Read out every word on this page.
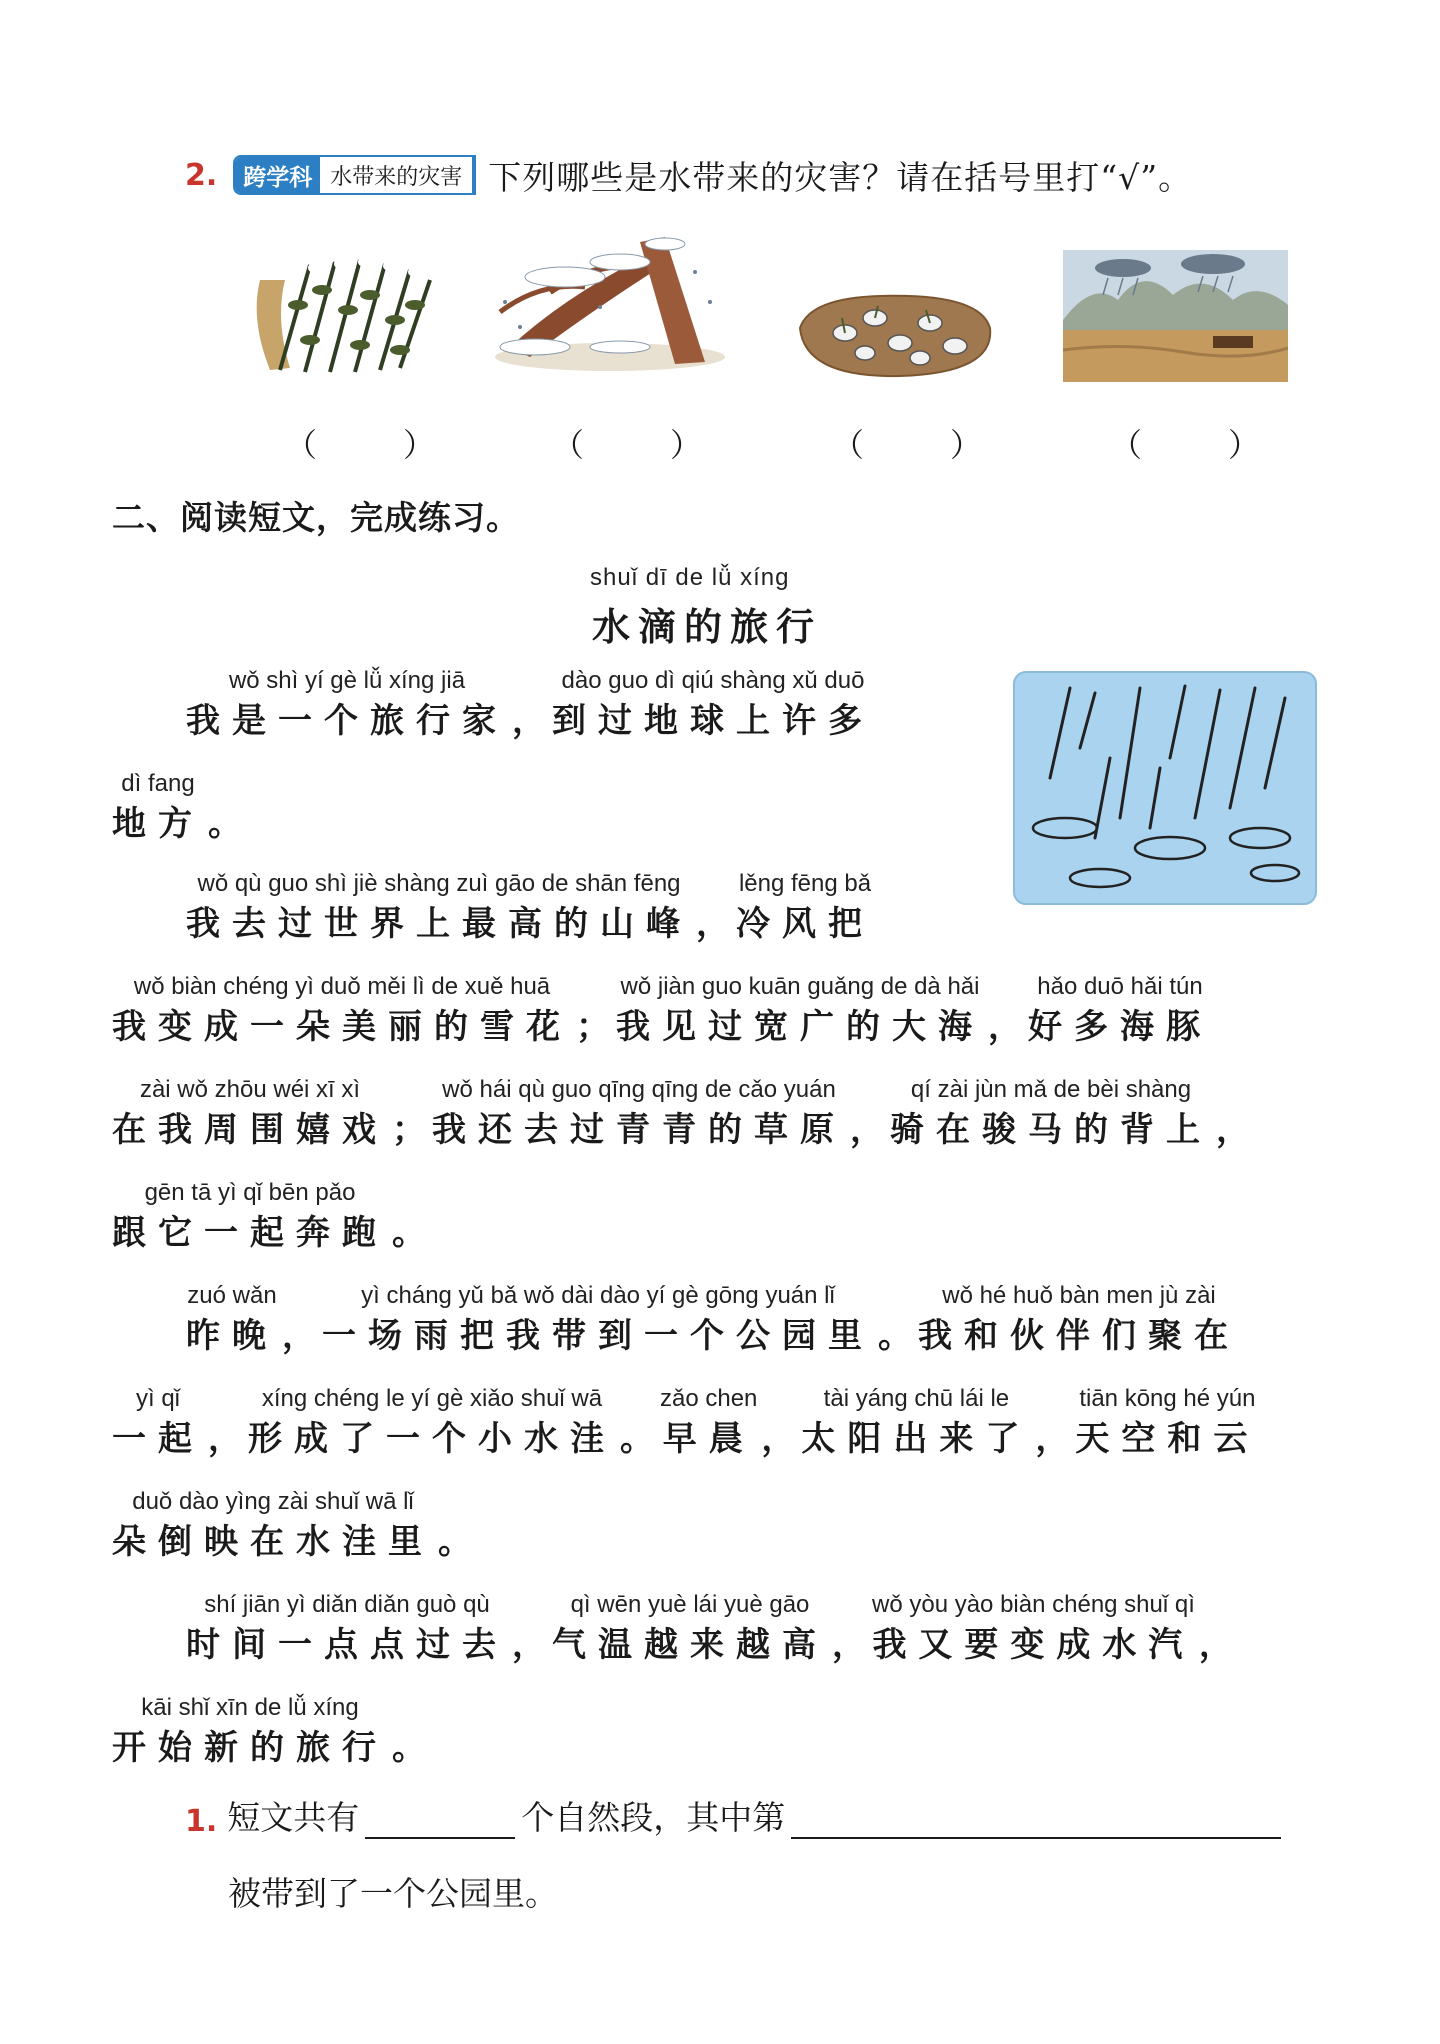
2.	跨学科 水带来的灾害 下列哪些是水带来的灾害？请在括号里打“√”。
（	）	（	）	（	）	（	）
二、阅读短文，完成练习。
shuǐ dī de lǚ xíng
水滴的旅行
wǒ shì yí gè lǚ xíng jiā
我是一个旅行家 ，
dào guo dì qiú shàng xǔ duō
到过地球上许多
dì fang
地方 。
wǒ qù guo shì jiè shàng zuì gāo de shān fēng
我去过世界上最高的山峰 ，
lěng fēng bǎ
冷风把
wǒ biàn chéng yì duǒ měi lì de xuě huā
我变成一朵美丽的雪花 ；
wǒ jiàn guo kuān guǎng de dà hǎi
我见过宽广的大海 ，
hǎo duō hǎi tún
好多海豚
zài wǒ zhōu wéi xī xì
在我周围嬉戏 ；
wǒ hái qù guo qīng qīng de cǎo yuán
我还去过青青的草原 ，
qí zài jùn mǎ de bèi shàng
骑在骏马的背上 ，
gēn tā yì qǐ bēn pǎo
跟它一起奔跑 。
zuó wǎn
昨晚 ，
yì cháng yǔ bǎ wǒ dài dào yí gè gōng yuán lǐ
一场雨把我带到一个公园里 。
wǒ hé huǒ bàn men jù zài
我和伙伴们聚在
yì qǐ
一起 ，
xíng chéng le yí gè xiǎo shuǐ wā
形成了一个小水洼 。
zǎo chen
早晨 ，
tài yáng chū lái le
太阳出来了 ，
tiān kōng hé yún
天空和云
duǒ dào yìng zài shuǐ wā lǐ
朵倒映在水洼里 。
shí jiān yì diǎn diǎn guò qù
时间一点点过去 ，
qì wēn yuè lái yuè gāo
气温越来越高 ，
wǒ yòu yào biàn chéng shuǐ qì
我又要变成水汽 ，
kāi shǐ xīn de lǚ xíng
开始新的旅行 。
1. 短文共有	个自然段，其中第
被带到了一个公园里。
